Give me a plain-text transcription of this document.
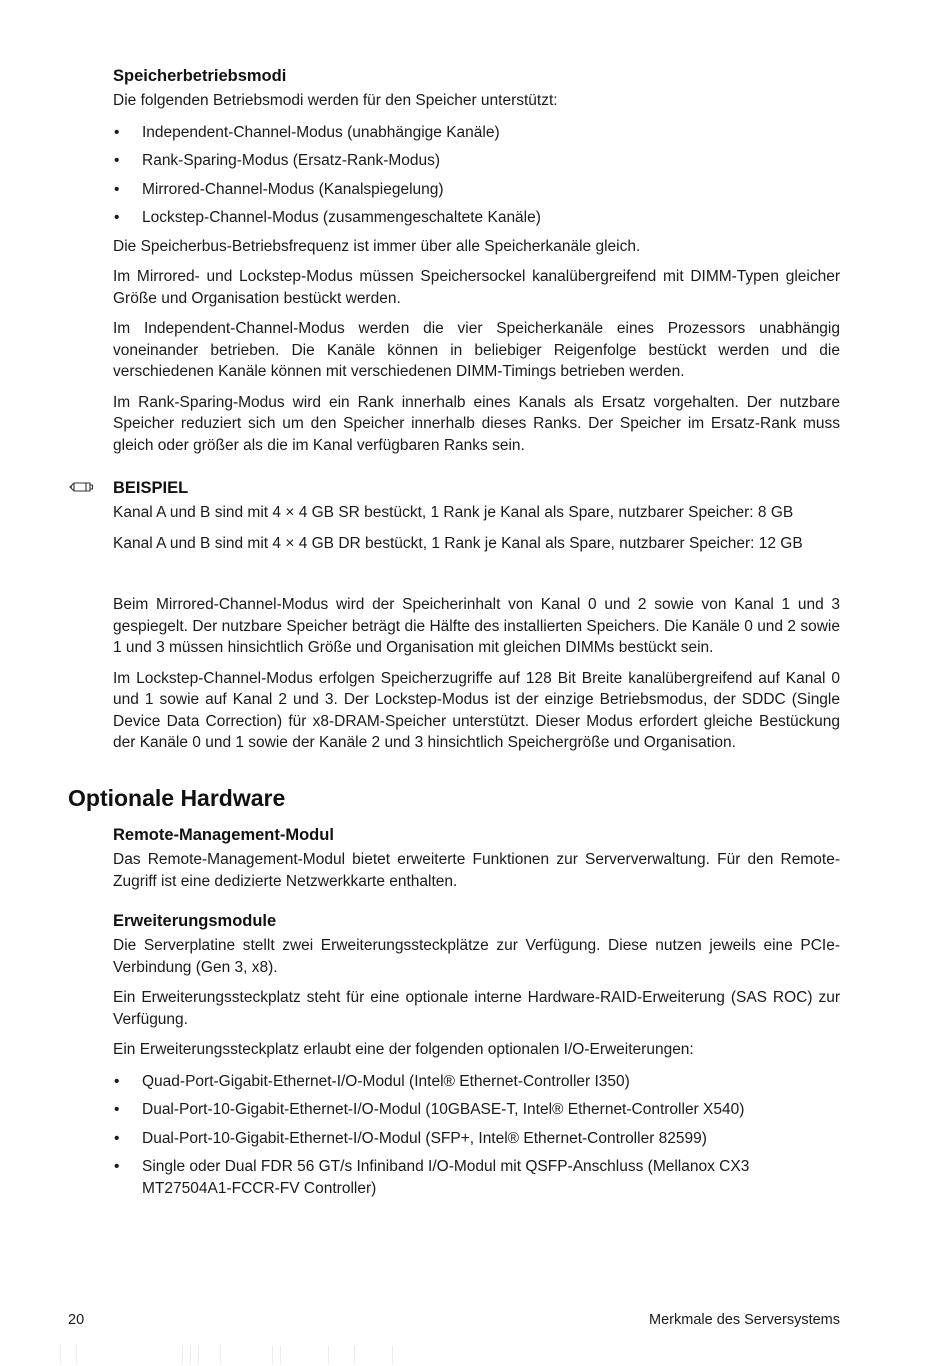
Speicherbetriebsmodi

Die folgenden Betriebsmodi werden für den Speicher unterstützt:

• Independent-Channel-Modus (unabhängige Kanäle)
• Rank-Sparing-Modus (Ersatz-Rank-Modus)
• Mirrored-Channel-Modus (Kanalspiegelung)
• Lockstep-Channel-Modus (zusammengeschaltete Kanäle)

Die Speicherbus-Betriebsfrequenz ist immer über alle Speicherkanäle gleich.

Im Mirrored- und Lockstep-Modus müssen Speichersockel kanalübergreifend mit DIMM-Typen gleicher Größe und Organisation bestückt werden.

Im Independent-Channel-Modus werden die vier Speicherkanäle eines Prozessors unabhängig voneinander betrieben. Die Kanäle können in beliebiger Reigenfolge bestückt werden und die verschiedenen Kanäle können mit verschiedenen DIMM-Timings betrieben werden.

Im Rank-Sparing-Modus wird ein Rank innerhalb eines Kanals als Ersatz vorgehalten. Der nutzbare Speicher reduziert sich um den Speicher innerhalb dieses Ranks. Der Speicher im Ersatz-Rank muss gleich oder größer als die im Kanal verfügbaren Ranks sein.

BEISPIEL
Kanal A und B sind mit 4 × 4 GB SR bestückt, 1 Rank je Kanal als Spare, nutzbarer Speicher: 8 GB
Kanal A und B sind mit 4 × 4 GB DR bestückt, 1 Rank je Kanal als Spare, nutzbarer Speicher: 12 GB

Beim Mirrored-Channel-Modus wird der Speicherinhalt von Kanal 0 und 2 sowie von Kanal 1 und 3 gespiegelt. Der nutzbare Speicher beträgt die Hälfte des installierten Speichers. Die Kanäle 0 und 2 sowie 1 und 3 müssen hinsichtlich Größe und Organisation mit gleichen DIMMs bestückt sein.

Im Lockstep-Channel-Modus erfolgen Speicherzugriffe auf 128 Bit Breite kanalübergreifend auf Kanal 0 und 1 sowie auf Kanal 2 und 3. Der Lockstep-Modus ist der einzige Betriebsmodus, der SDDC (Single Device Data Correction) für x8-DRAM-Speicher unterstützt. Dieser Modus erfordert gleiche Bestückung der Kanäle 0 und 1 sowie der Kanäle 2 und 3 hinsichtlich Speichergröße und Organisation.

Optionale Hardware
Remote-Management-Modul

Das Remote-Management-Modul bietet erweiterte Funktionen zur Serververwaltung. Für den Remote-Zugriff ist eine dedizierte Netzwerkkarte enthalten.

Erweiterungsmodule

Die Serverplatine stellt zwei Erweiterungssteckplätze zur Verfügung. Diese nutzen jeweils eine PCIe-Verbindung (Gen 3, x8).

Ein Erweiterungssteckplatz steht für eine optionale interne Hardware-RAID-Erweiterung (SAS ROC) zur Verfügung.

Ein Erweiterungssteckplatz erlaubt eine der folgenden optionalen I/O-Erweiterungen:

• Quad-Port-Gigabit-Ethernet-I/O-Modul (Intel® Ethernet-Controller I350)
• Dual-Port-10-Gigabit-Ethernet-I/O-Modul (10GBASE-T, Intel® Ethernet-Controller X540)
• Dual-Port-10-Gigabit-Ethernet-I/O-Modul (SFP+, Intel® Ethernet-Controller 82599)
• Single oder Dual FDR 56 GT/s Infiniband I/O-Modul mit QSFP-Anschluss (Mellanox CX3 MT27504A1-FCCR-FV Controller)
20	Merkmale des Serversystems
